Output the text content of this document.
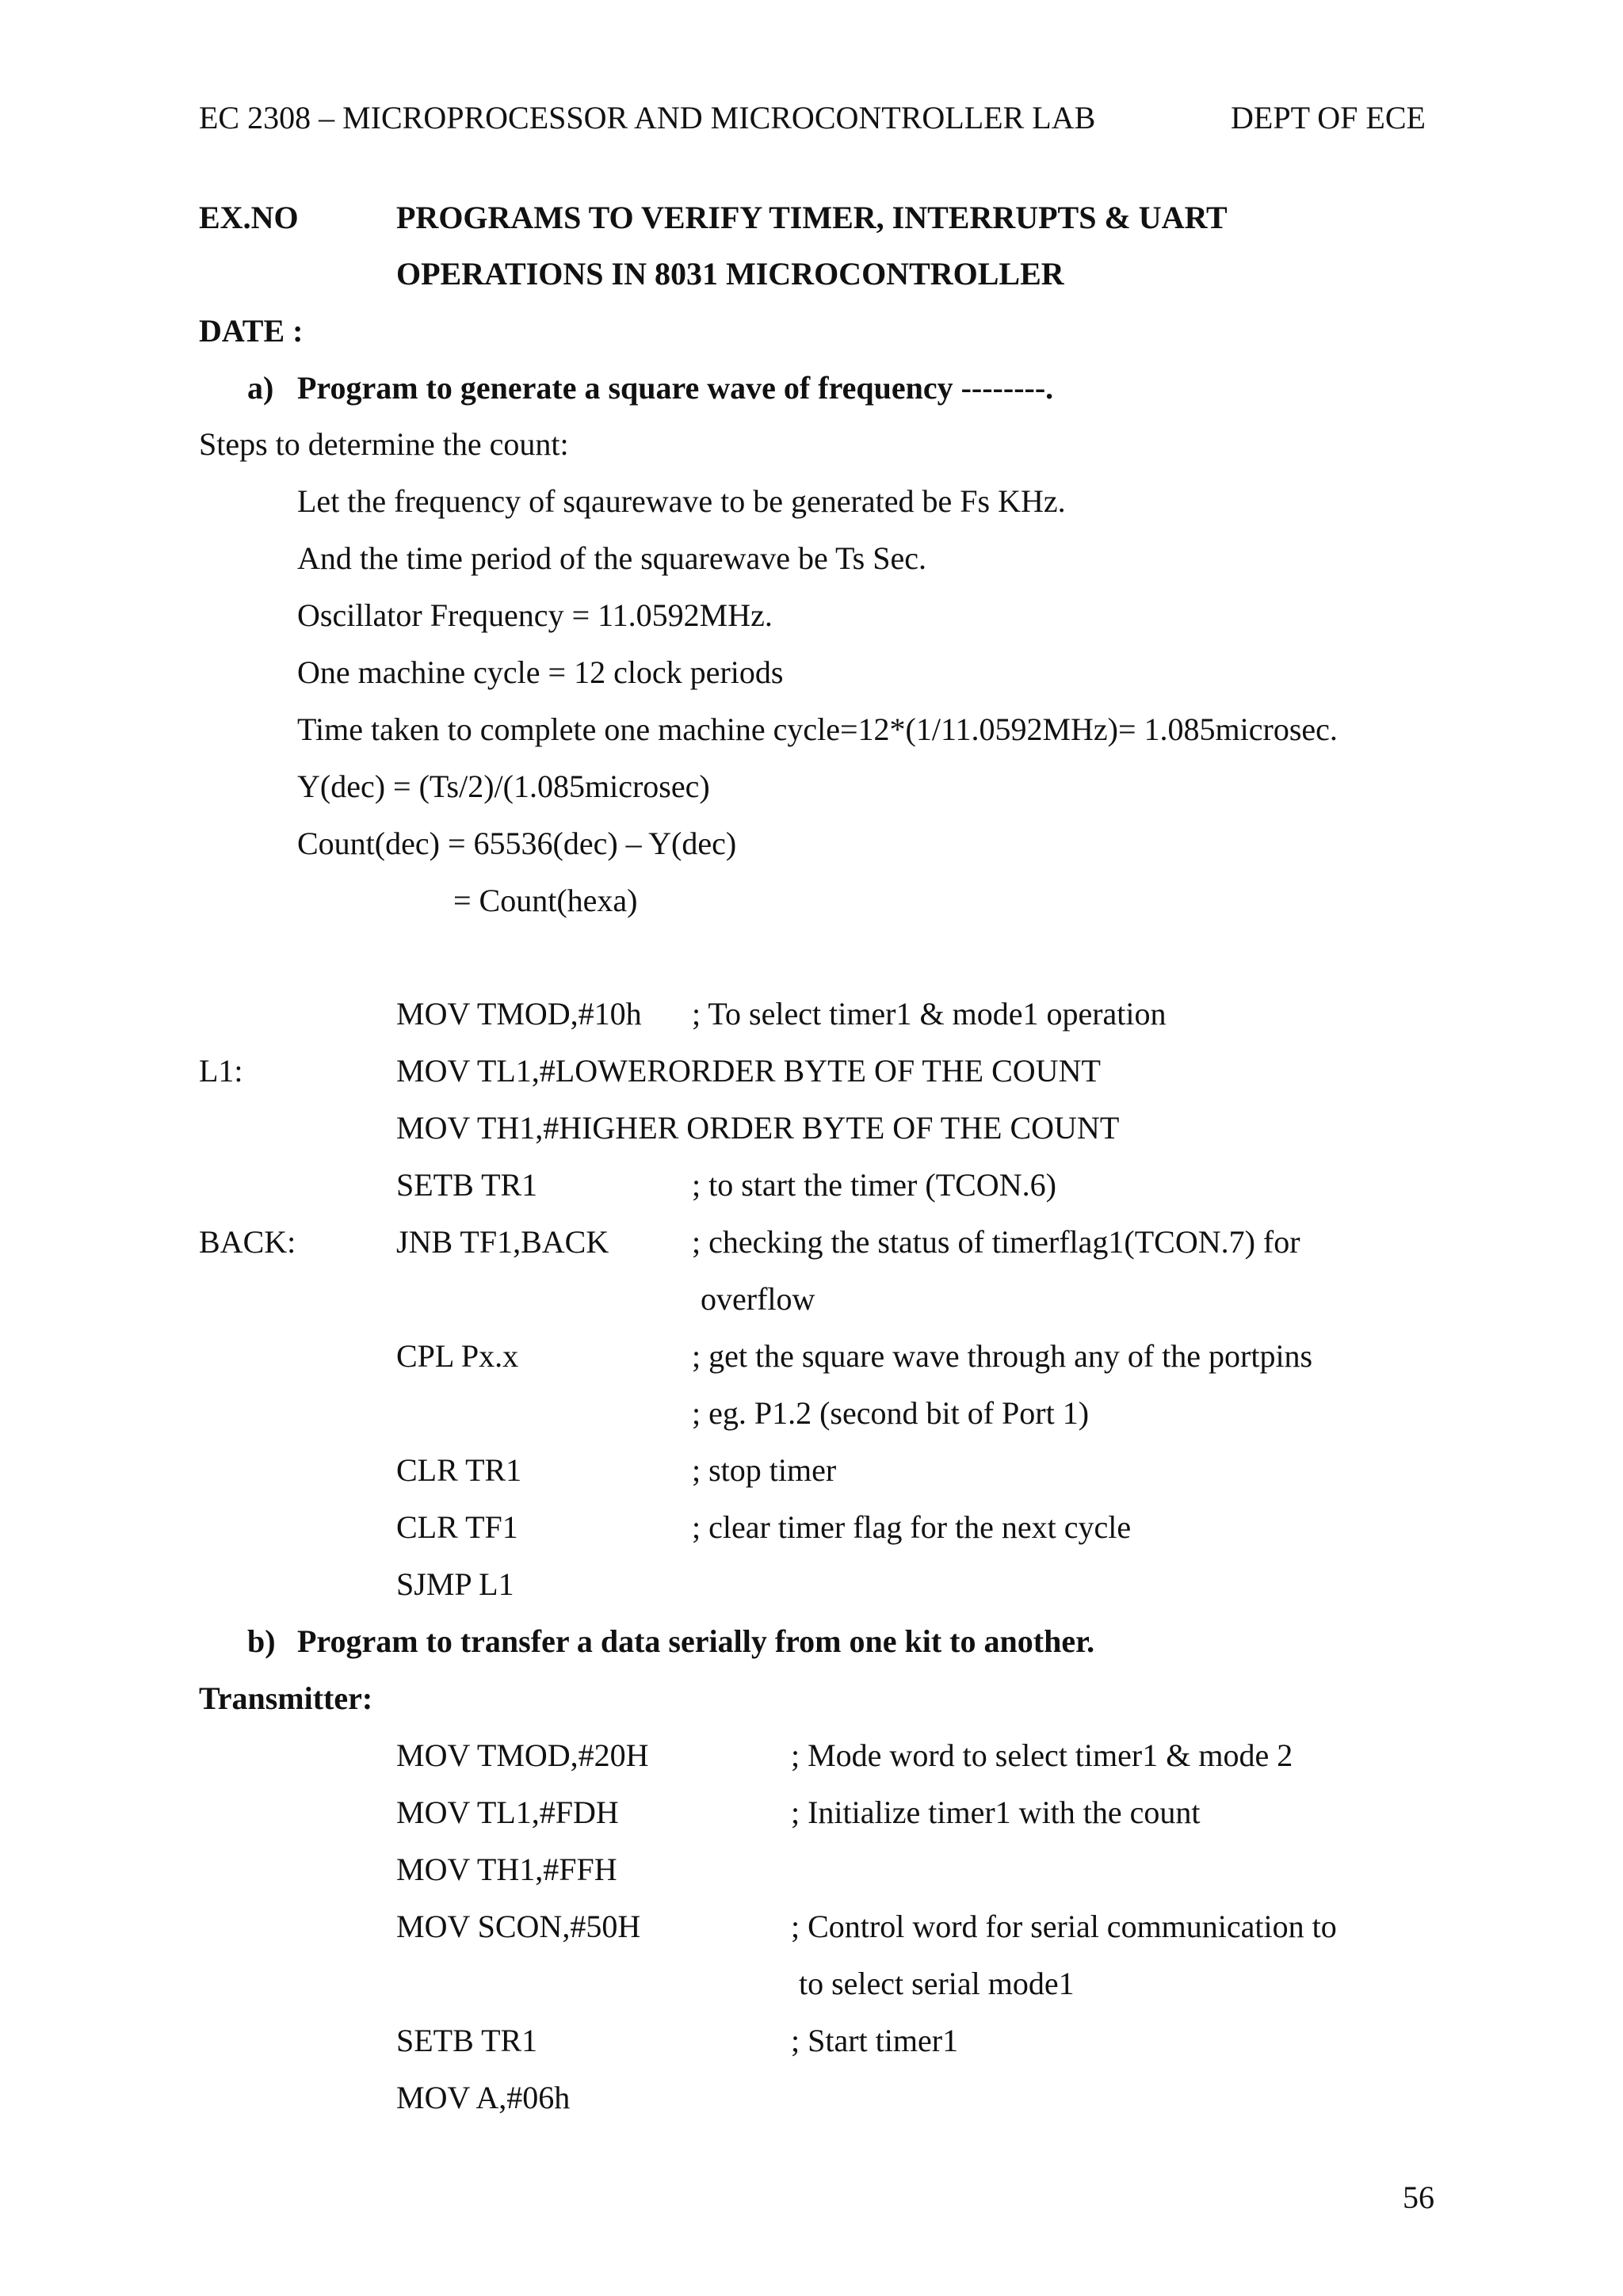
EC 2308 – MICROPROCESSOR AND MICROCONTROLLER LAB	DEPT OF ECE
EX.NO	PROGRAMS TO VERIFY TIMER, INTERRUPTS & UART
OPERATIONS IN 8031 MICROCONTROLLER
DATE :
a) Program to generate a square wave of frequency --------.
Steps to determine the count:
Let the frequency of sqaurewave to be generated be Fs KHz.
And the time period of the squarewave be Ts Sec.
Oscillator Frequency = 11.0592MHz.
One machine cycle = 12 clock periods
Time taken to complete one machine cycle=12*(1/11.0592MHz)= 1.085microsec.
Y(dec) = (Ts/2)/(1.085microsec)
Count(dec) = 65536(dec) – Y(dec)
= Count(hexa)
MOV TMOD,#10h ; To select timer1 & mode1 operation
L1:	MOV TL1,#LOWERORDER BYTE OF THE COUNT
MOV TH1,#HIGHER ORDER BYTE OF THE COUNT
SETB TR1	; to start the timer (TCON.6)
BACK:	JNB TF1,BACK	; checking the status of timerflag1(TCON.7) for
overflow
CPL Px.x	; get the square wave through any of the portpins
; eg. P1.2 (second bit of Port 1)
CLR TR1	; stop timer
CLR TF1	; clear timer flag for the next cycle
SJMP L1
b) Program to transfer a data serially from one kit to another.
Transmitter:
MOV TMOD,#20H	; Mode word to select timer1 & mode 2
MOV TL1,#FDH	; Initialize timer1 with the count
MOV TH1,#FFH
MOV SCON,#50H	; Control word for serial communication to
to select serial mode1
SETB TR1	; Start timer1
MOV A,#06h
56
